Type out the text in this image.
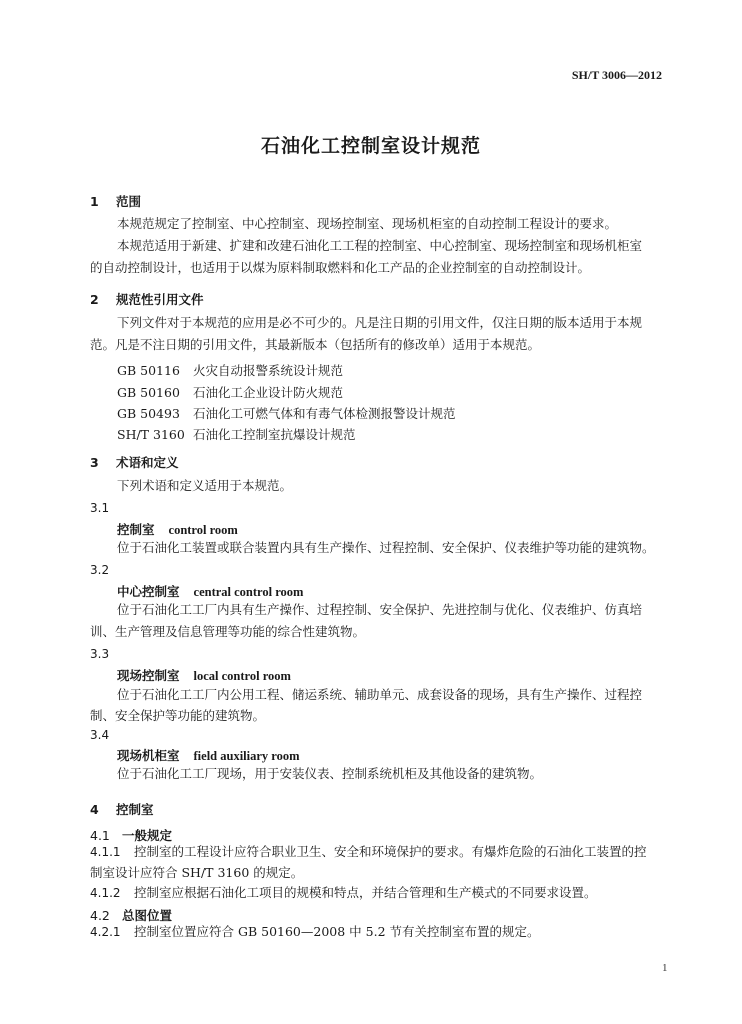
SH/T 3006—2012
石油化工控制室设计规范
1 范围
本规范规定了控制室、中心控制室、现场控制室、现场机柜室的自动控制工程设计的要求。
本规范适用于新建、扩建和改建石油化工工程的控制室、中心控制室、现场控制室和现场机柜室
的自动控制设计，也适用于以煤为原料制取燃料和化工产品的企业控制室的自动控制设计。
2 规范性引用文件
下列文件对于本规范的应用是必不可少的。凡是注日期的引用文件，仅注日期的版本适用于本规
范。凡是不注日期的引用文件，其最新版本（包括所有的修改单）适用于本规范。
GB 50116 火灾自动报警系统设计规范
GB 50160 石油化工企业设计防火规范
GB 50493 石油化工可燃气体和有毒气体检测报警设计规范
SH/T 3160 石油化工控制室抗爆设计规范
3 术语和定义
下列术语和定义适用于本规范。
3.1
控制室 control room
位于石油化工装置或联合装置内具有生产操作、过程控制、安全保护、仪表维护等功能的建筑物。
3.2
中心控制室 central control room
位于石油化工工厂内具有生产操作、过程控制、安全保护、先进控制与优化、仪表维护、仿真培
训、生产管理及信息管理等功能的综合性建筑物。
3.3
现场控制室 local control room
位于石油化工工厂内公用工程、储运系统、辅助单元、成套设备的现场，具有生产操作、过程控
制、安全保护等功能的建筑物。
3.4
现场机柜室 field auxiliary room
位于石油化工工厂现场，用于安装仪表、控制系统机柜及其他设备的建筑物。
4 控制室
4.1 一般规定
4.1.1 控制室的工程设计应符合职业卫生、安全和环境保护的要求。有爆炸危险的石油化工装置的控
制室设计应符合 SH/T 3160 的规定。
4.1.2 控制室应根据石油化工项目的规模和特点，并结合管理和生产模式的不同要求设置。
4.2 总图位置
4.2.1 控制室位置应符合 GB 50160—2008 中 5.2 节有关控制室布置的规定。
1
